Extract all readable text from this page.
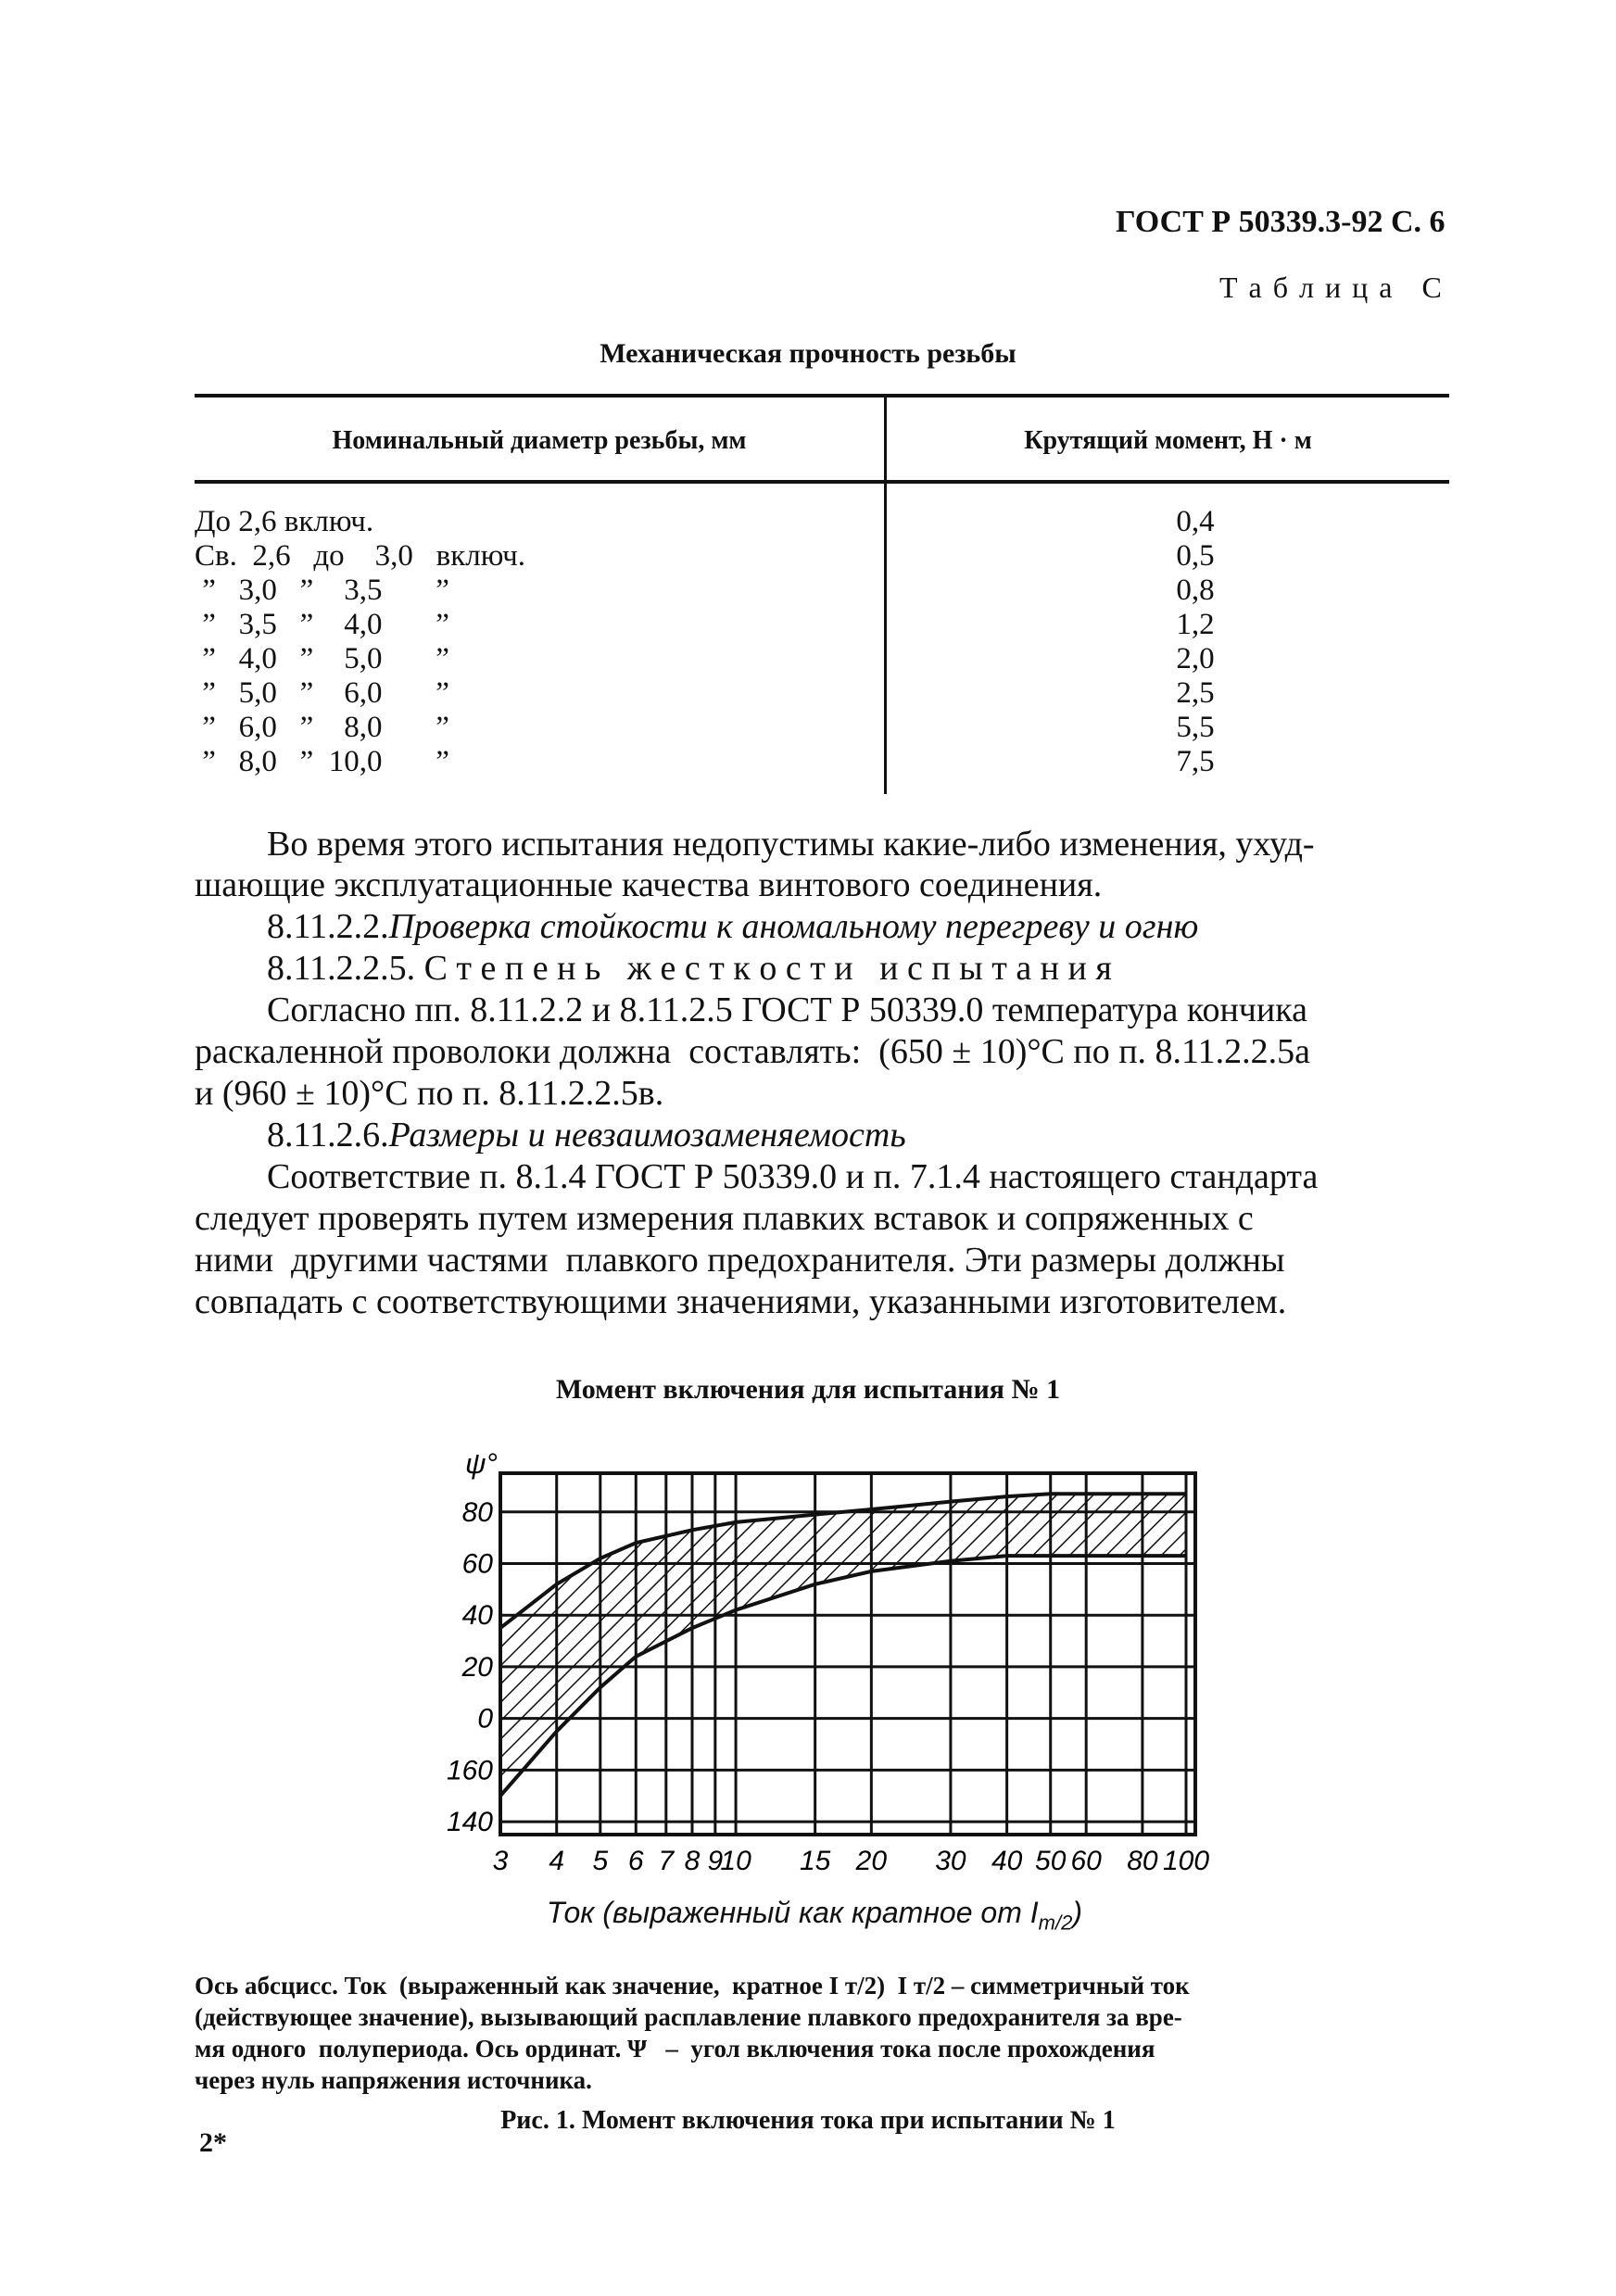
ГОСТ Р 50339.3-92 С. 6
Т а б л и ц а   С
Механическая прочность резьбы
Номинальный диаметр резьбы, мм	Крутящий момент, Н · м
До 2,6 включ.
Св.  2,6   до    3,0   включ.
”   3,0   ”    3,5       ”
”   3,5   ”    4,0       ”
”   4,0   ”    5,0       ”
”   5,0   ”    6,0       ”
”   6,0   ”    8,0       ”
”   8,0   ”  10,0       ”
0,4
0,5
0,8
1,2
2,0
2,5
5,5
7,5
Во время этого испытания недопустимы какие-либо изменения, ухуд-
шающие эксплуатационные качества винтового соединения.
8.11.2.2.Проверка стойкости к аномальному перегреву и огню
8.11.2.2.5. С т е п е н ь   ж е с т к о с т и   и с п ы т а н и я
Согласно пп. 8.11.2.2 и 8.11.2.5 ГОСТ Р 50339.0 температура кончика
раскаленной проволоки должна  составлять:  (650 ± 10)°С по п. 8.11.2.2.5а
и (960 ± 10)°С по п. 8.11.2.2.5в.
8.11.2.6.Размеры и невзаимозаменяемость
Соответствие п. 8.1.4 ГОСТ Р 50339.0 и п. 7.1.4 настоящего стандарта
следует проверять путем измерения плавких вставок и сопряженных с
ними  другими частями  плавкого предохранителя. Эти размеры должны
совпадать с соответствующими значениями, указанными изготовителем.
Момент включения для испытания № 1
80
60
40
20
0
160
140
3 4 5 6 7 8 9
10 15 20 30 40 50 60 80 100
ψ°
Ток (выраженный как кратное от $I_{т/2}$)
Ось абсцисс. Ток  (выраженный как значение,  кратное I т/2)  I т/2 – симметричный ток
(действующее значение), вызывающий расплавление плавкого предохранителя за вре-
мя одного  полупериода. Ось ординат. Ψ   –  угол включения тока после прохождения
через нуль напряжения источника.
Рис. 1. Момент включения тока при испытании № 1
2*
